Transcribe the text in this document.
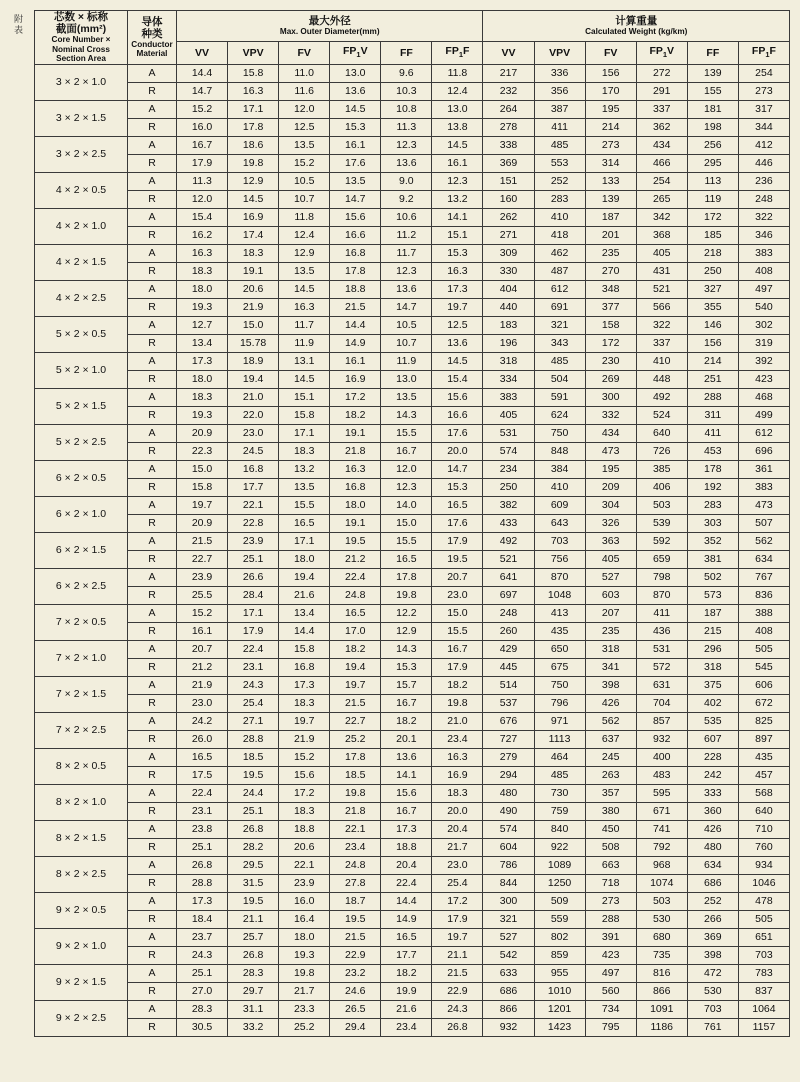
附 表
芯数 × 标称
截面(mm²)
Core Number ×
Nominal Cross
Section Area	导体
种类
Conductor
Material	最大外径
Max. Outer Diameter(mm)						计算重量
Calculated Weight (kg/km)					

		VV	VPV	FV	$FP_1V$	FF	$FP_1F$	VV	VPV	FV	$FP_1V$	FF	$FP_1F$
3 × 2 × 1.0	A	14.4	15.8	11.0	13.0	9.6	11.8	217	336	156	272	139	254
	R	14.7	16.3	11.6	13.6	10.3	12.4	232	356	170	291	155	273
3 × 2 × 1.5	A	15.2	17.1	12.0	14.5	10.8	13.0	264	387	195	337	181	317
	R	16.0	17.8	12.5	15.3	11.3	13.8	278	411	214	362	198	344
3 × 2 × 2.5	A	16.7	18.6	13.5	16.1	12.3	14.5	338	485	273	434	256	412
	R	17.9	19.8	15.2	17.6	13.6	16.1	369	553	314	466	295	446
4 × 2 × 0.5	A	11.3	12.9	10.5	13.5	9.0	12.3	151	252	133	254	113	236
	R	12.0	14.5	10.7	14.7	9.2	13.2	160	283	139	265	119	248
4 × 2 × 1.0	A	15.4	16.9	11.8	15.6	10.6	14.1	262	410	187	342	172	322
	R	16.2	17.4	12.4	16.6	11.2	15.1	271	418	201	368	185	346
4 × 2 × 1.5	A	16.3	18.3	12.9	16.8	11.7	15.3	309	462	235	405	218	383
	R	18.3	19.1	13.5	17.8	12.3	16.3	330	487	270	431	250	408
4 × 2 × 2.5	A	18.0	20.6	14.5	18.8	13.6	17.3	404	612	348	521	327	497
	R	19.3	21.9	16.3	21.5	14.7	19.7	440	691	377	566	355	540
5 × 2 × 0.5	A	12.7	15.0	11.7	14.4	10.5	12.5	183	321	158	322	146	302
	R	13.4	15.78	11.9	14.9	10.7	13.6	196	343	172	337	156	319
5 × 2 × 1.0	A	17.3	18.9	13.1	16.1	11.9	14.5	318	485	230	410	214	392
	R	18.0	19.4	14.5	16.9	13.0	15.4	334	504	269	448	251	423
5 × 2 × 1.5	A	18.3	21.0	15.1	17.2	13.5	15.6	383	591	300	492	288	468
	R	19.3	22.0	15.8	18.2	14.3	16.6	405	624	332	524	311	499
5 × 2 × 2.5	A	20.9	23.0	17.1	19.1	15.5	17.6	531	750	434	640	411	612
	R	22.3	24.5	18.3	21.8	16.7	20.0	574	848	473	726	453	696
6 × 2 × 0.5	A	15.0	16.8	13.2	16.3	12.0	14.7	234	384	195	385	178	361
	R	15.8	17.7	13.5	16.8	12.3	15.3	250	410	209	406	192	383
6 × 2 × 1.0	A	19.7	22.1	15.5	18.0	14.0	16.5	382	609	304	503	283	473
	R	20.9	22.8	16.5	19.1	15.0	17.6	433	643	326	539	303	507
6 × 2 × 1.5	A	21.5	23.9	17.1	19.5	15.5	17.9	492	703	363	592	352	562
	R	22.7	25.1	18.0	21.2	16.5	19.5	521	756	405	659	381	634
6 × 2 × 2.5	A	23.9	26.6	19.4	22.4	17.8	20.7	641	870	527	798	502	767
	R	25.5	28.4	21.6	24.8	19.8	23.0	697	1048	603	870	573	836
7 × 2 × 0.5	A	15.2	17.1	13.4	16.5	12.2	15.0	248	413	207	411	187	388
	R	16.1	17.9	14.4	17.0	12.9	15.5	260	435	235	436	215	408
7 × 2 × 1.0	A	20.7	22.4	15.8	18.2	14.3	16.7	429	650	318	531	296	505
	R	21.2	23.1	16.8	19.4	15.3	17.9	445	675	341	572	318	545
7 × 2 × 1.5	A	21.9	24.3	17.3	19.7	15.7	18.2	514	750	398	631	375	606
	R	23.0	25.4	18.3	21.5	16.7	19.8	537	796	426	704	402	672
7 × 2 × 2.5	A	24.2	27.1	19.7	22.7	18.2	21.0	676	971	562	857	535	825
	R	26.0	28.8	21.9	25.2	20.1	23.4	727	1113	637	932	607	897
8 × 2 × 0.5	A	16.5	18.5	15.2	17.8	13.6	16.3	279	464	245	400	228	435
	R	17.5	19.5	15.6	18.5	14.1	16.9	294	485	263	483	242	457
8 × 2 × 1.0	A	22.4	24.4	17.2	19.8	15.6	18.3	480	730	357	595	333	568
	R	23.1	25.1	18.3	21.8	16.7	20.0	490	759	380	671	360	640
8 × 2 × 1.5	A	23.8	26.8	18.8	22.1	17.3	20.4	574	840	450	741	426	710
	R	25.1	28.2	20.6	23.4	18.8	21.7	604	922	508	792	480	760
8 × 2 × 2.5	A	26.8	29.5	22.1	24.8	20.4	23.0	786	1089	663	968	634	934
	R	28.8	31.5	23.9	27.8	22.4	25.4	844	1250	718	1074	686	1046
9 × 2 × 0.5	A	17.3	19.5	16.0	18.7	14.4	17.2	300	509	273	503	252	478
	R	18.4	21.1	16.4	19.5	14.9	17.9	321	559	288	530	266	505
9 × 2 × 1.0	A	23.7	25.7	18.0	21.5	16.5	19.7	527	802	391	680	369	651
	R	24.3	26.8	19.3	22.9	17.7	21.1	542	859	423	735	398	703
9 × 2 × 1.5	A	25.1	28.3	19.8	23.2	18.2	21.5	633	955	497	816	472	783
	R	27.0	29.7	21.7	24.6	19.9	22.9	686	1010	560	866	530	837
9 × 2 × 2.5	A	28.3	31.1	23.3	26.5	21.6	24.3	866	1201	734	1091	703	1064
	R	30.5	33.2	25.2	29.4	23.4	26.8	932	1423	795	1186	761	1157
